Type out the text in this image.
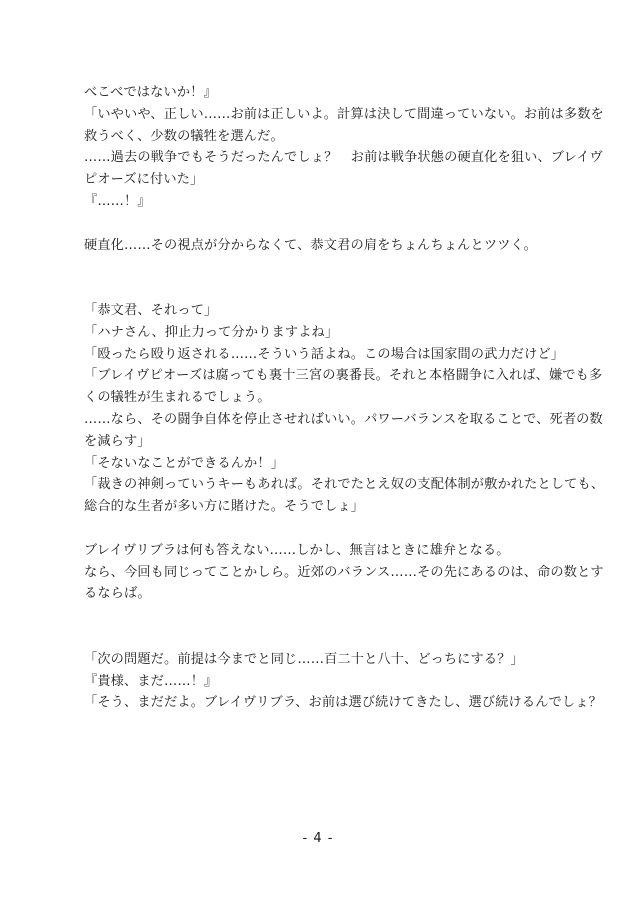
べこべではないか！』
「いやいや、正しい……お前は正しいよ。計算は決して間違っていない。お前は多数を
救うべく、少数の犠牲を選んだ。
……過去の戦争でもそうだったんでしょ？　お前は戦争状態の硬直化を狙い、ブレイヴ
ピオーズに付いた」
『……！』
硬直化……その視点が分からなくて、恭文君の肩をちょんちょんとツツく。
「恭文君、それって」
「ハナさん、抑止力って分かりますよね」
「殴ったら殴り返される……そういう話よね。この場合は国家間の武力だけど」
「ブレイヴピオーズは腐っても裏十三宮の裏番長。それと本格闘争に入れば、嫌でも多
くの犠牲が生まれるでしょう。
……なら、その闘争自体を停止させればいい。パワーバランスを取ることで、死者の数
を減らす」
「そないなことができるんか！」
「裁きの神剣っていうキーもあれば。それでたとえ奴の支配体制が敷かれたとしても、
総合的な生者が多い方に賭けた。そうでしょ」
ブレイヴリブラは何も答えない……しかし、無言はときに雄弁となる。
なら、今回も同じってことかしら。近郊のバランス……その先にあるのは、命の数とす
るならば。
「次の問題だ。前提は今までと同じ……百二十と八十、どっちにする？」
『貴様、まだ……！』
「そう、まだだよ。ブレイヴリブラ、お前は選び続けてきたし、選び続けるんでしょ？
- 4 -
